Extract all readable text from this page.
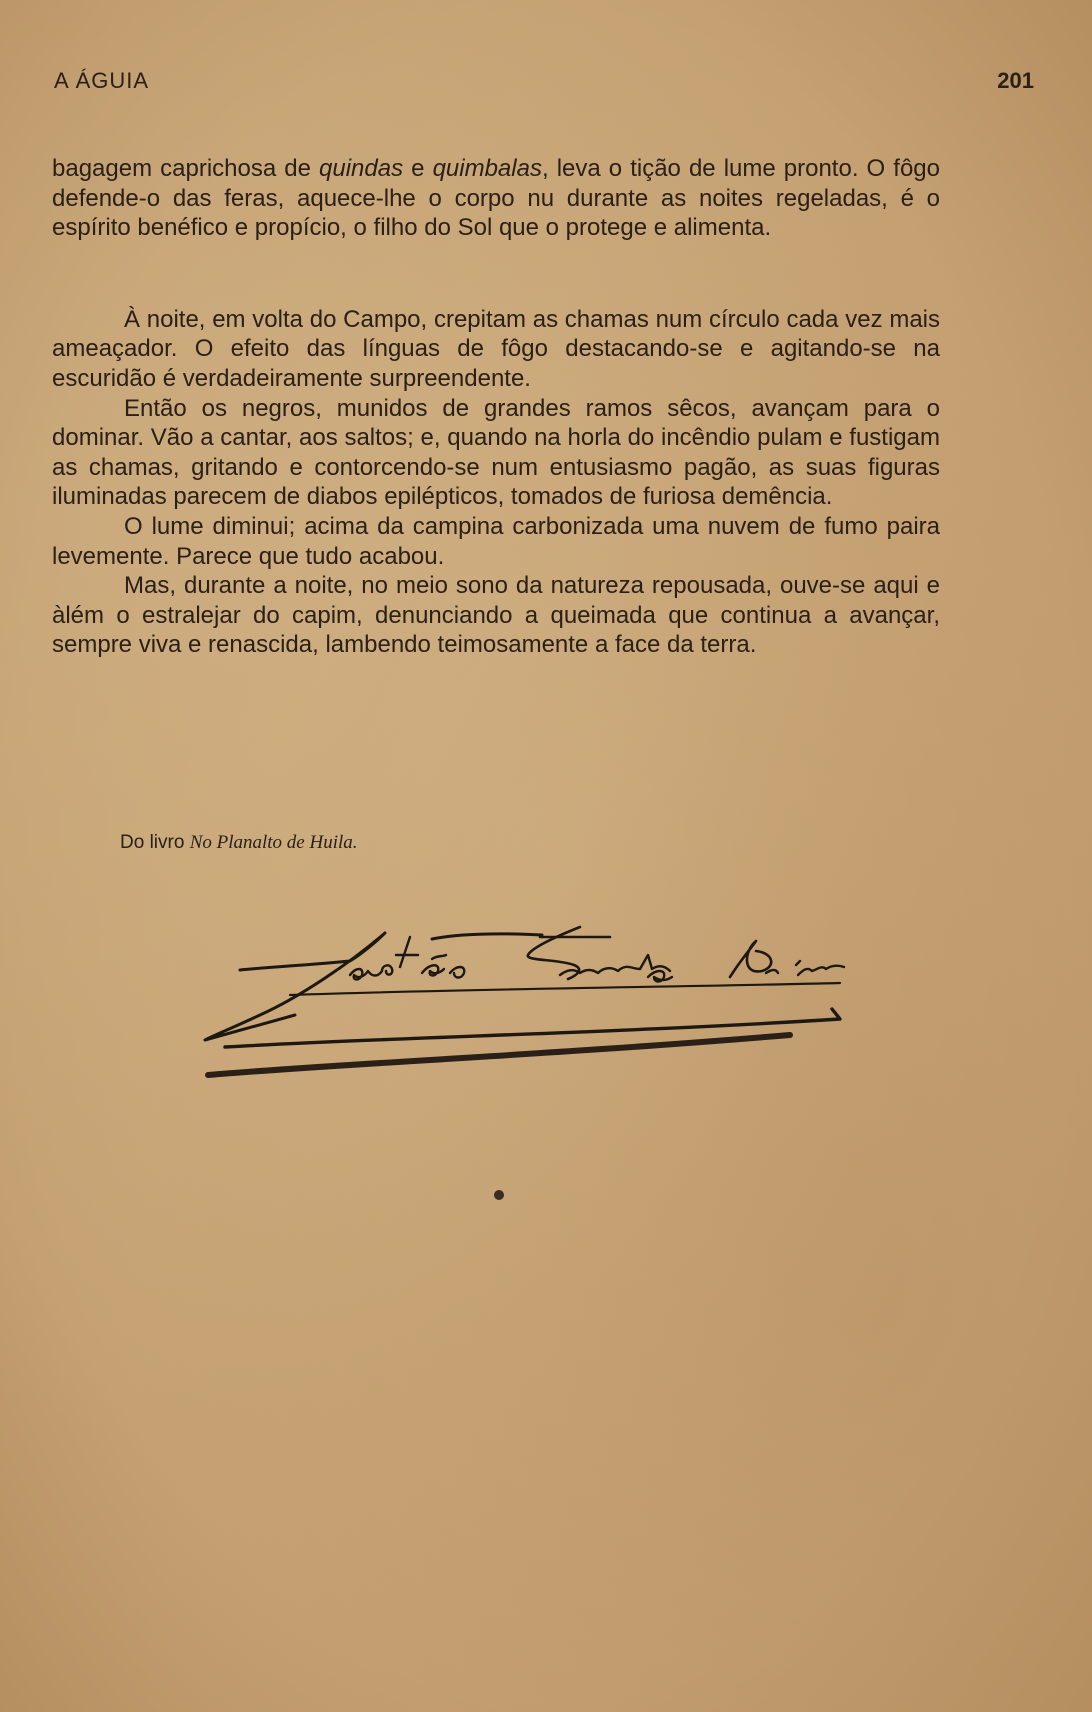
A ÁGUIA	201

bagagem caprichosa de quindas e quimbalas, leva o tição de lume pronto. O fôgo defende-o das feras, aquece-lhe o corpo nu durante as noites regeladas, é o espírito benéfico e propício, o filho do Sol que o protege e alimenta.

À noite, em volta do Campo, crepitam as chamas num círculo cada vez mais ameaçador. O efeito das línguas de fôgo destacando-se e agitando-se na escuridão é verdadeiramente surpreendente.

Então os negros, munidos de grandes ramos sêcos, avançam para o dominar. Vão a cantar, aos saltos; e, quando na horla do incêndio pulam e fustigam as chamas, gritando e contorcendo-se num entusiasmo pagão, as suas figuras iluminadas parecem de diabos epilépticos, tomados de furiosa demência.

O lume diminui; acima da campina carbonizada uma nuvem de fumo paira levemente. Parece que tudo acabou.

Mas, durante a noite, no meio sono da natureza repousada, ouve-se aqui e àlém o estralejar do capim, denunciando a queimada que continua a avançar, sempre viva e renascida, lambendo teimosamente a face da terra.

Do livro No Planalto de Huila.
